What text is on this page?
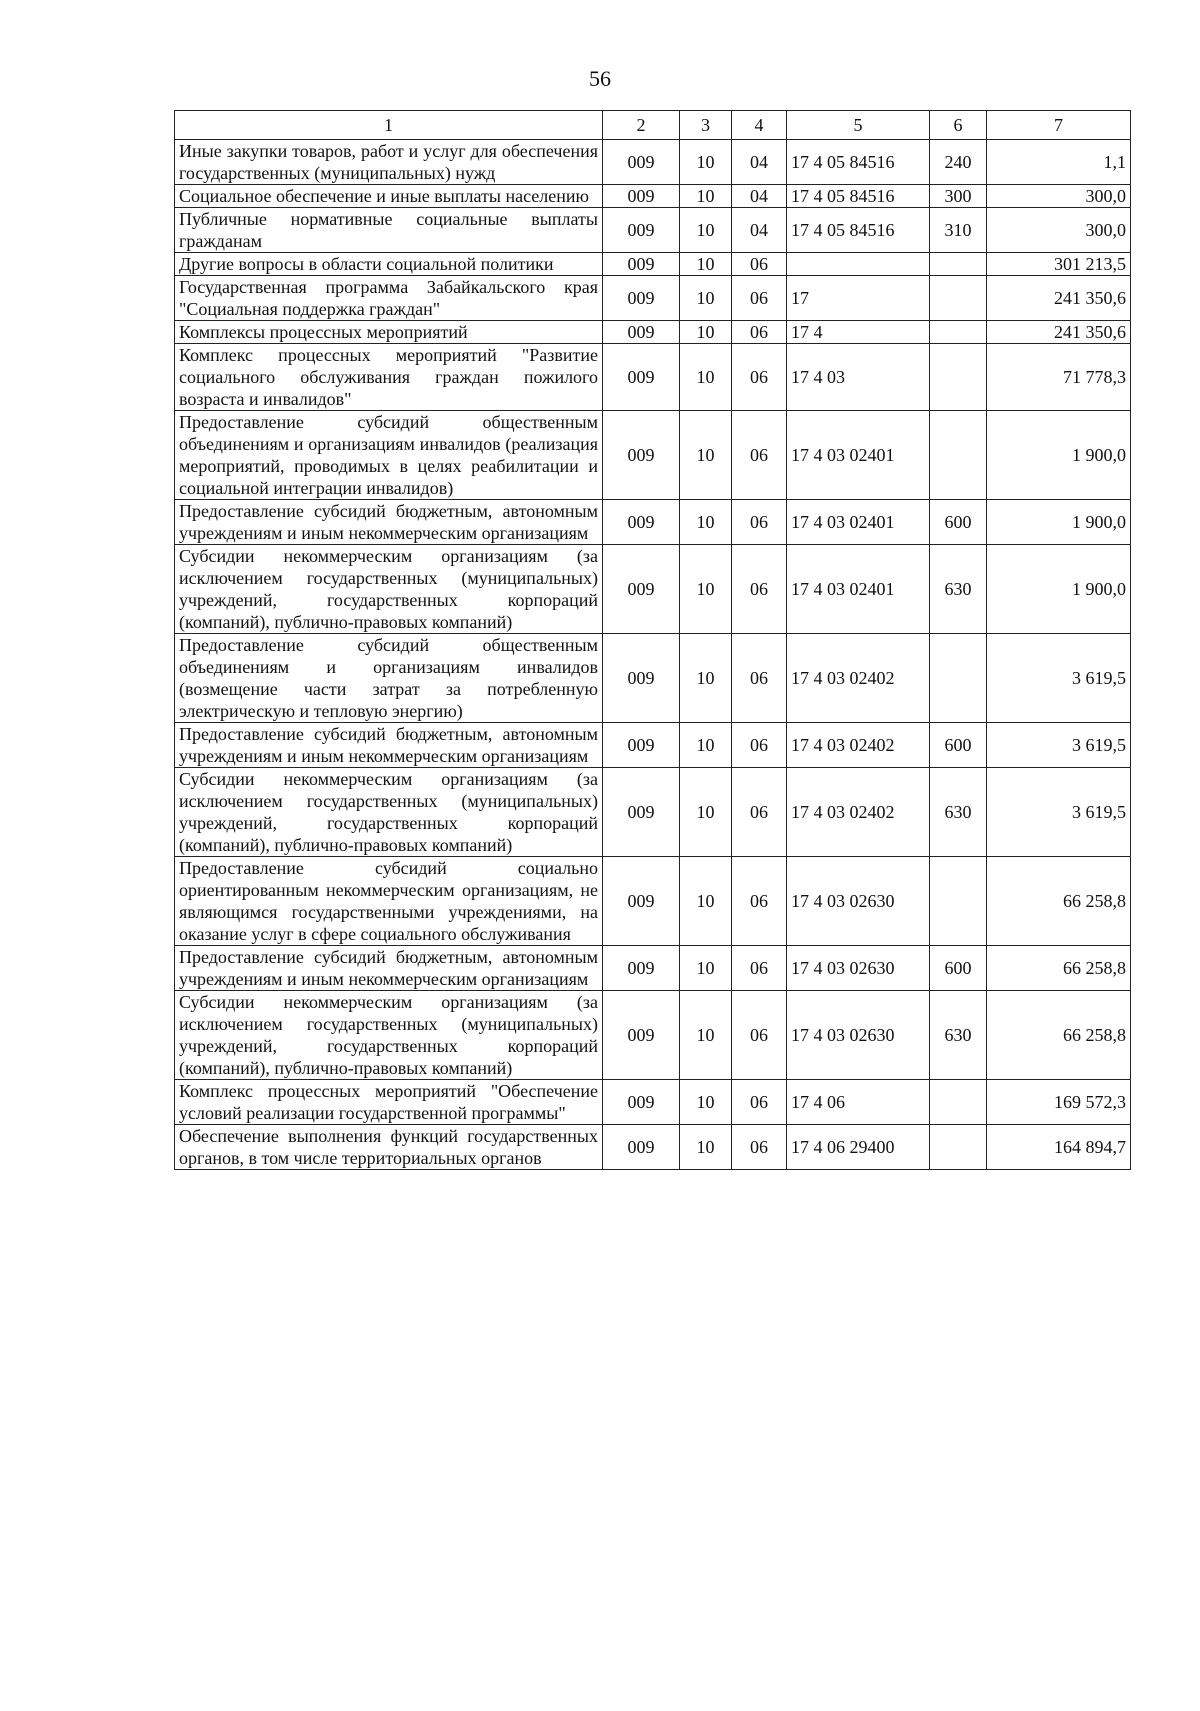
56
1	2	3	4	5	6	7
Иные закупки товаров, работ и услуг для обеспечения государственных (муниципальных) нужд	009	10	04	17 4 05 84516	240	1,1
Социальное обеспечение и иные выплаты населению	009	10	04	17 4 05 84516	300	300,0
Публичные нормативные социальные выплаты гражданам	009	10	04	17 4 05 84516	310	300,0
Другие вопросы в области социальной политики	009	10	06			301 213,5
Государственная программа Забайкальского края "Социальная поддержка граждан"	009	10	06	17		241 350,6
Комплексы процессных мероприятий	009	10	06	17 4		241 350,6
Комплекс процессных мероприятий "Развитие социального обслуживания граждан пожилого возраста и инвалидов"	009	10	06	17 4 03		71 778,3
Предоставление субсидий общественным объединениям и организациям инвалидов (реализация мероприятий, проводимых в целях реабилитации и социальной интеграции инвалидов)	009	10	06	17 4 03 02401		1 900,0
Предоставление субсидий бюджетным, автономным учреждениям и иным некоммерческим организациям	009	10	06	17 4 03 02401	600	1 900,0
Субсидии некоммерческим организациям (за исключением государственных (муниципальных) учреждений, государственных корпораций (компаний), публично-правовых компаний)	009	10	06	17 4 03 02401	630	1 900,0
Предоставление субсидий общественным объединениям и организациям инвалидов (возмещение части затрат за потребленную электрическую и тепловую энергию)	009	10	06	17 4 03 02402		3 619,5
Предоставление субсидий бюджетным, автономным учреждениям и иным некоммерческим организациям	009	10	06	17 4 03 02402	600	3 619,5
Субсидии некоммерческим организациям (за исключением государственных (муниципальных) учреждений, государственных корпораций (компаний), публично-правовых компаний)	009	10	06	17 4 03 02402	630	3 619,5
Предоставление субсидий социально ориентированным некоммерческим организациям, не являющимся государственными учреждениями, на оказание услуг в сфере социального обслуживания	009	10	06	17 4 03 02630		66 258,8
Предоставление субсидий бюджетным, автономным учреждениям и иным некоммерческим организациям	009	10	06	17 4 03 02630	600	66 258,8
Субсидии некоммерческим организациям (за исключением государственных (муниципальных) учреждений, государственных корпораций (компаний), публично-правовых компаний)	009	10	06	17 4 03 02630	630	66 258,8
Комплекс процессных мероприятий "Обеспечение условий реализации государственной программы"	009	10	06	17 4 06		169 572,3
Обеспечение выполнения функций государственных органов, в том числе территориальных органов	009	10	06	17 4 06 29400		164 894,7
